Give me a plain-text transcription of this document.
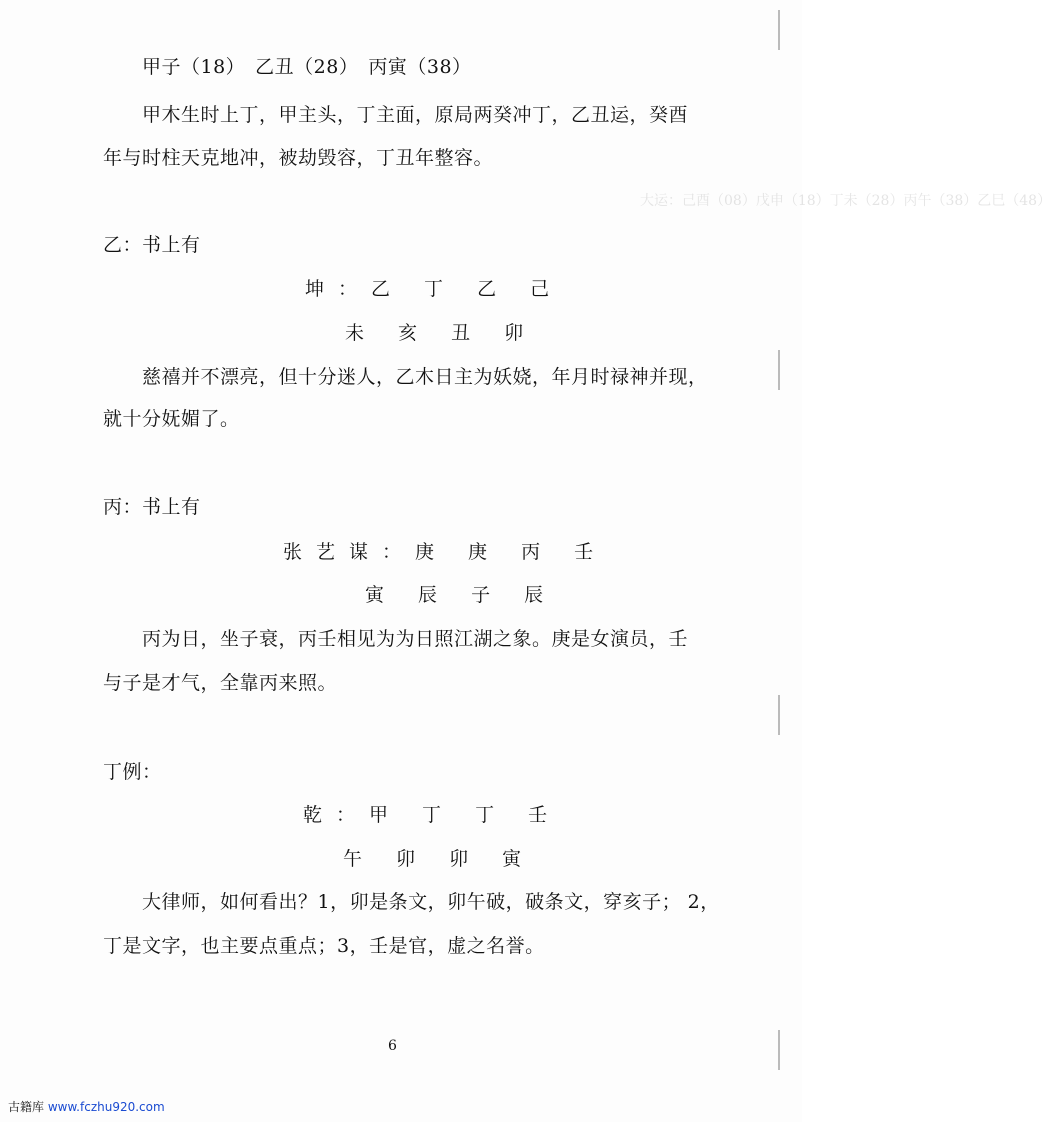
大运：己酉（08）戊申（18）丁未（28）丙午（38）乙巳（48）
甲子（18）　乙丑（28）　丙寅（38）
甲木生时上丁，甲主头，丁主面，原局两癸冲丁，乙丑运，癸酉
年与时柱天克地冲，被劫毁容，丁丑年整容。
乙：书上有
坤：乙 丁 乙 己
未 亥 丑 卯
慈禧并不漂亮，但十分迷人，乙木日主为妖娆，年月时禄神并现，
就十分妩媚了。
丙：书上有
张艺谋：庚 庚 丙 壬
寅 辰 子 辰
丙为日，坐子衰，丙壬相见为为日照江湖之象。庚是女演员，壬
与子是才气，全靠丙来照。
丁例：
乾：甲 丁 丁 壬
午 卯 卯 寅
大律师，如何看出？1，卯是条文，卯午破，破条文，穿亥子； 2，
丁是文字，也主要点重点；3，壬是官，虚之名誉。
6
古籍库 www.fczhu920.com
